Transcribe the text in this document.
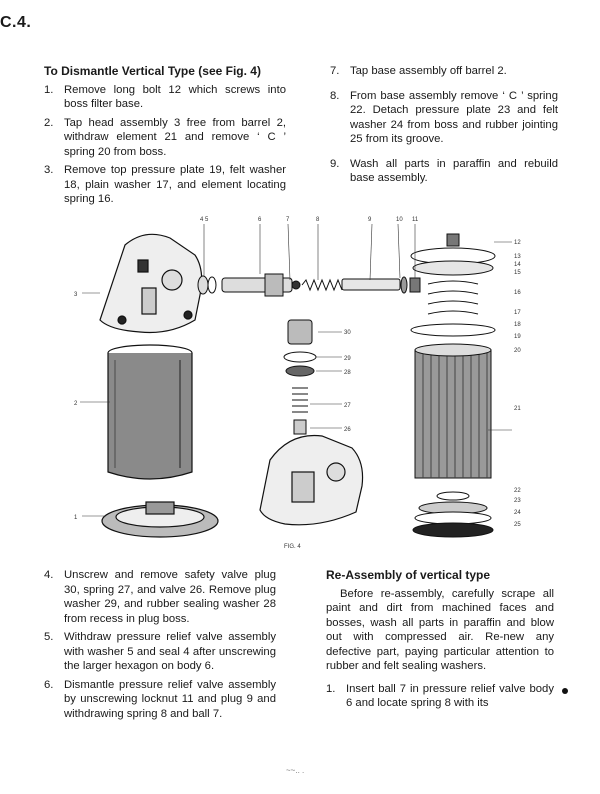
C.4.
To Dismantle Vertical Type (see Fig. 4)
1. Remove long bolt 12 which screws into boss filter base.
2. Tap head assembly 3 free from barrel 2, withdraw element 21 and remove ‘ C ’ spring 20 from boss.
3. Remove top pressure plate 19, felt washer 18, plain washer 17, and element locating spring 16.
7. Tap base assembly off barrel 2.
8. From base assembly remove ‘ C ’ spring 22. Detach pressure plate 23 and felt washer 24 from boss and rubber jointing 25 from its groove.
9. Wash all parts in paraffin and rebuild base assembly.
4 5	6	7	8	9	10 11
12
13
14
15
16
17
18
19
20
21
22
23
24
25
30
29
28
27
26
3
2
1
FIG. 4
4. Unscrew and remove safety valve plug 30, spring 27, and valve 26. Remove plug washer 29, and rubber sealing washer 28 from recess in plug boss.
5. Withdraw pressure relief valve assembly with washer 5 and seal 4 after unscrewing the larger hexagon on body 6.
6. Dismantle pressure relief valve assembly by unscrewing locknut 11 and plug 9 and withdrawing spring 8 and ball 7.
Re-Assembly of vertical type

Before re-assembly, carefully scrape all paint and dirt from machined faces and bosses, wash all parts in paraffin and blow out with compressed air. Re-new any defective part, paying particular attention to rubber and felt sealing washers.

1. Insert ball 7 in pressure relief valve body 6 and locate spring 8 with its
~~.. .
